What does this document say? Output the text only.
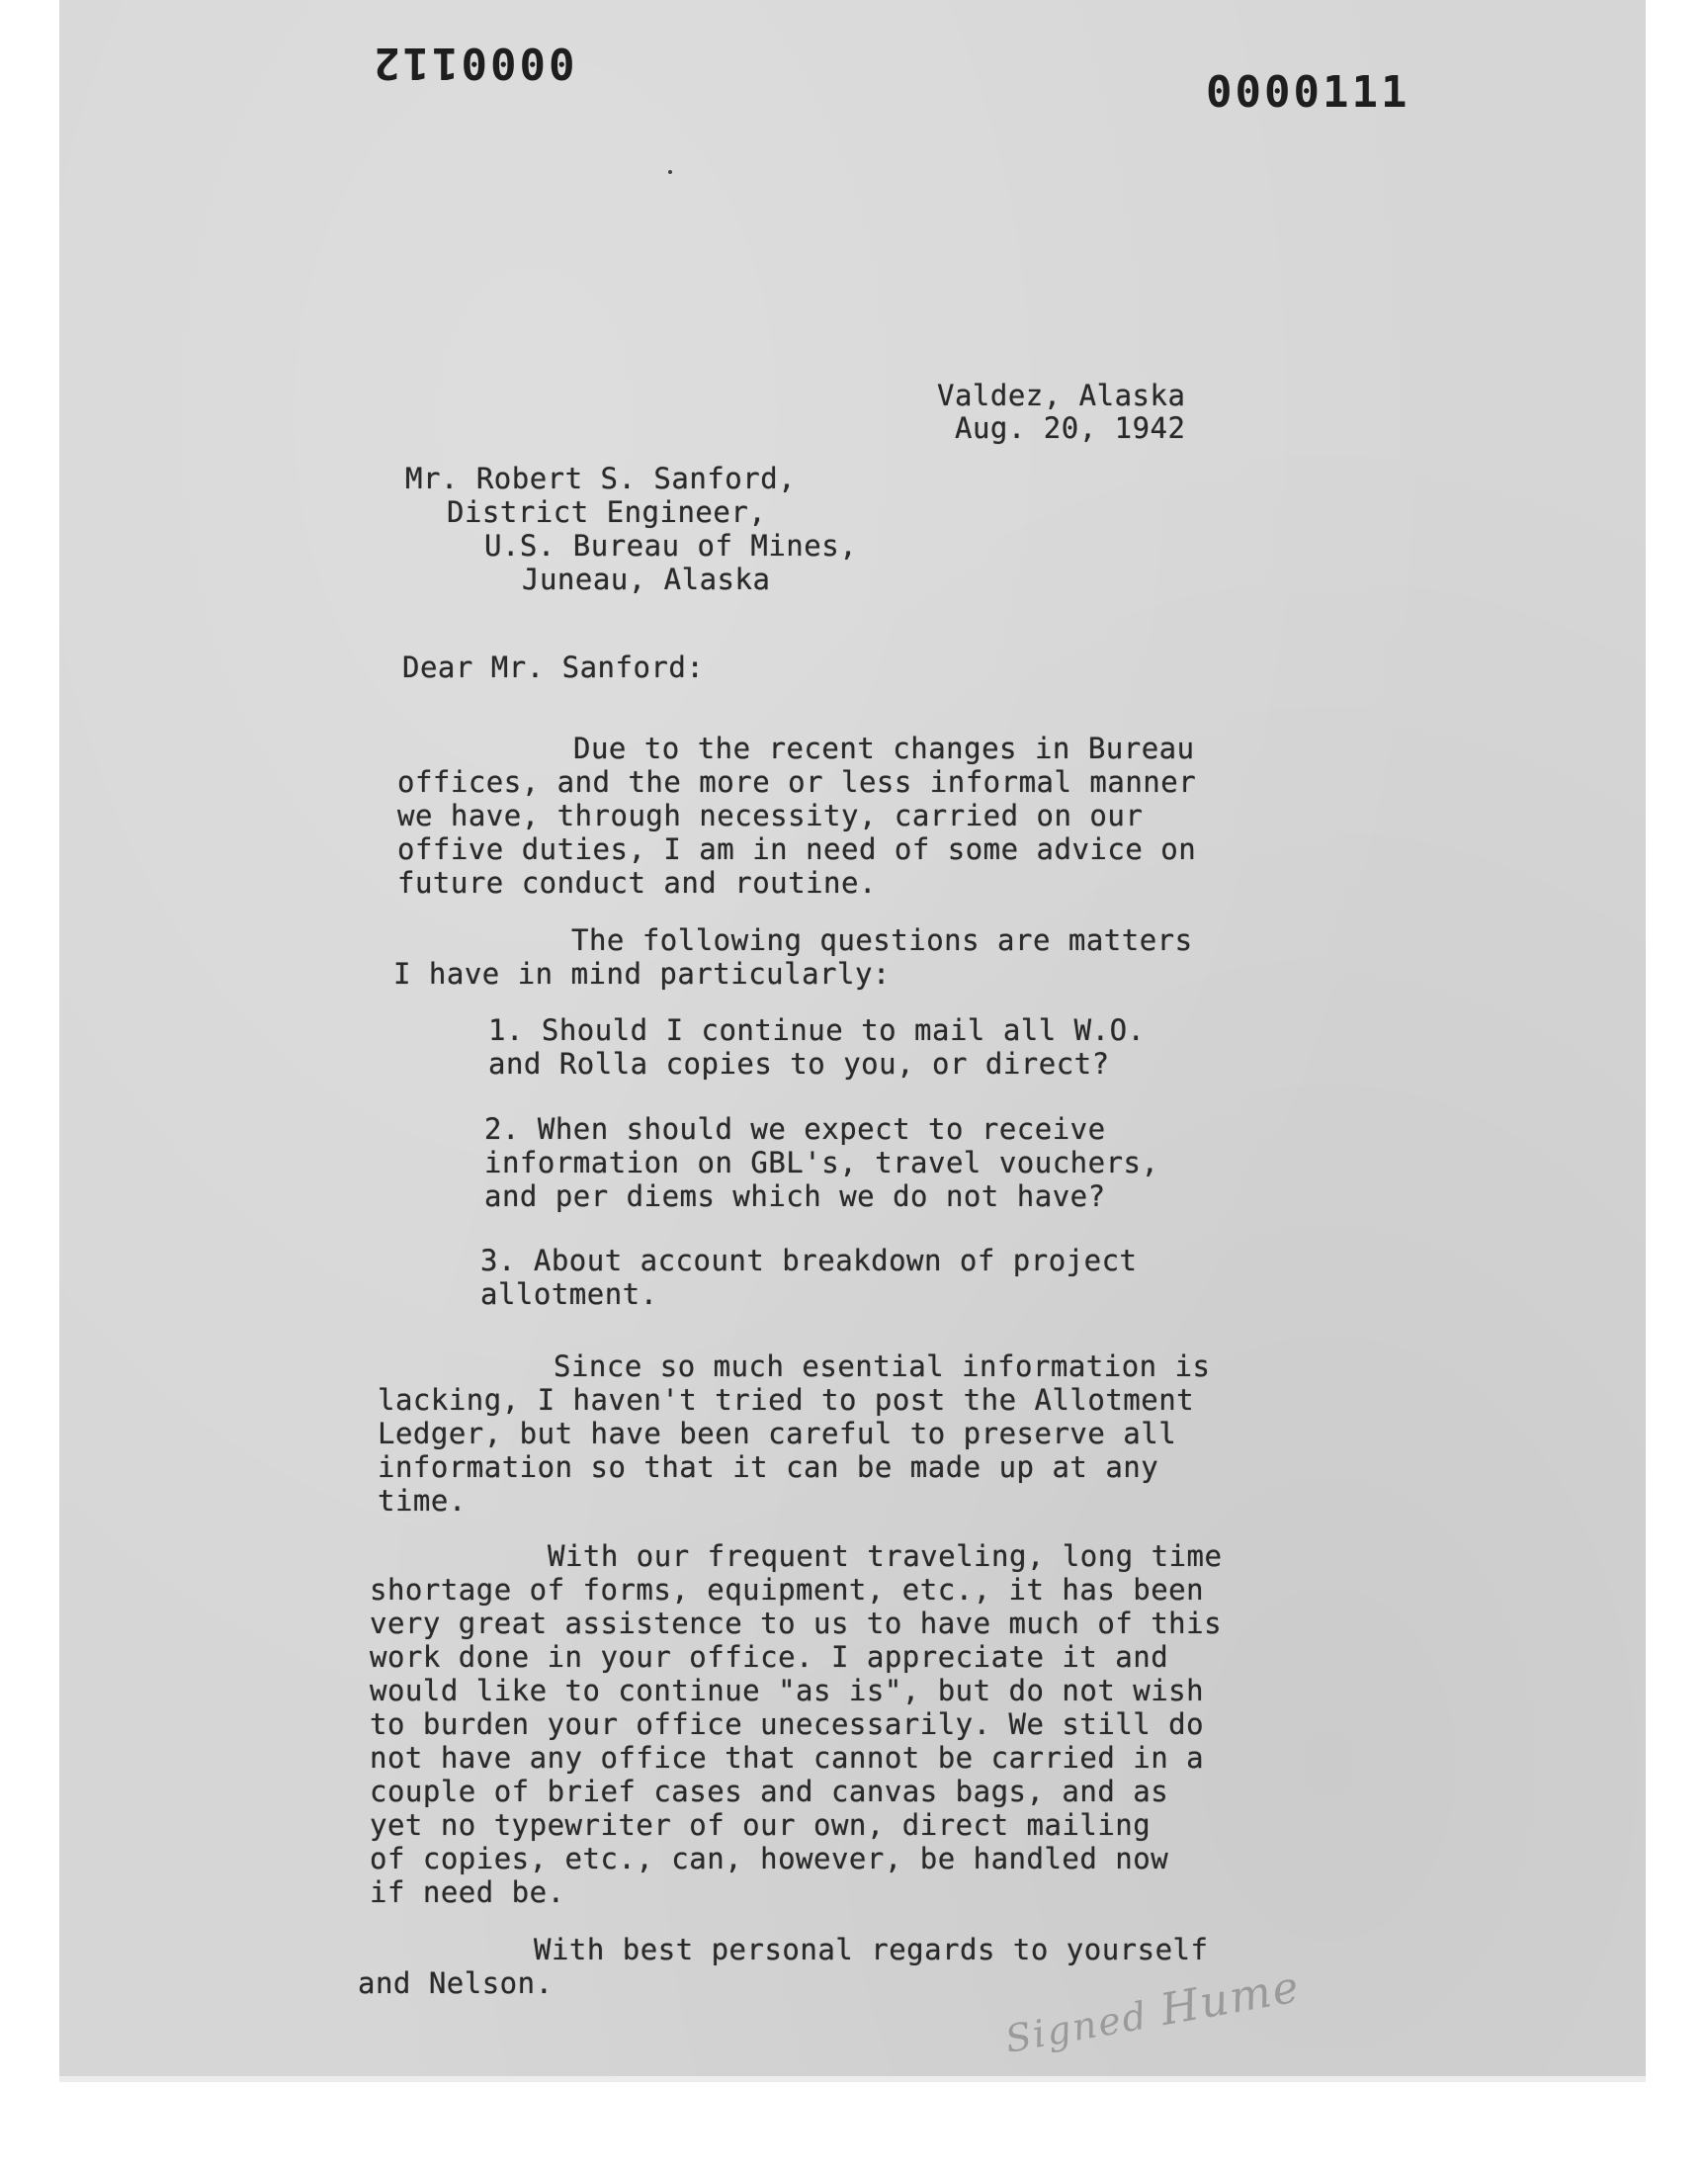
0000112
0000111
Valdez, Alaska
Aug. 20, 1942
Mr. Robert S. Sanford,
District Engineer,
U.S. Bureau of Mines,
Juneau, Alaska
Dear Mr. Sanford:
Due to the recent changes in Bureau
offices, and the more or less informal manner
we have, through necessity, carried on our
offive duties, I am in need of some advice on
future conduct and routine.
The following questions are matters
I have in mind particularly:
1. Should I continue to mail all W.O.
and Rolla copies to you, or direct?
2. When should we expect to receive
information on GBL's, travel vouchers,
and per diems which we do not have?
3. About account breakdown of project
allotment.
Since so much esential information is
lacking, I haven't tried to post the Allotment
Ledger, but have been careful to preserve all
information so that it can be made up at any
time.
With our frequent traveling, long time
shortage of forms, equipment, etc., it has been
very great assistence to us to have much of this
work done in your office. I appreciate it and
would like to continue "as is", but do not wish
to burden your office unecessarily. We still do
not have any office that cannot be carried in a
couple of brief cases and canvas bags, and as
yet no typewriter of our own, direct mailing
of copies, etc., can, however, be handled now
if need be.
With best personal regards to yourself
and Nelson.
Signed Hume
